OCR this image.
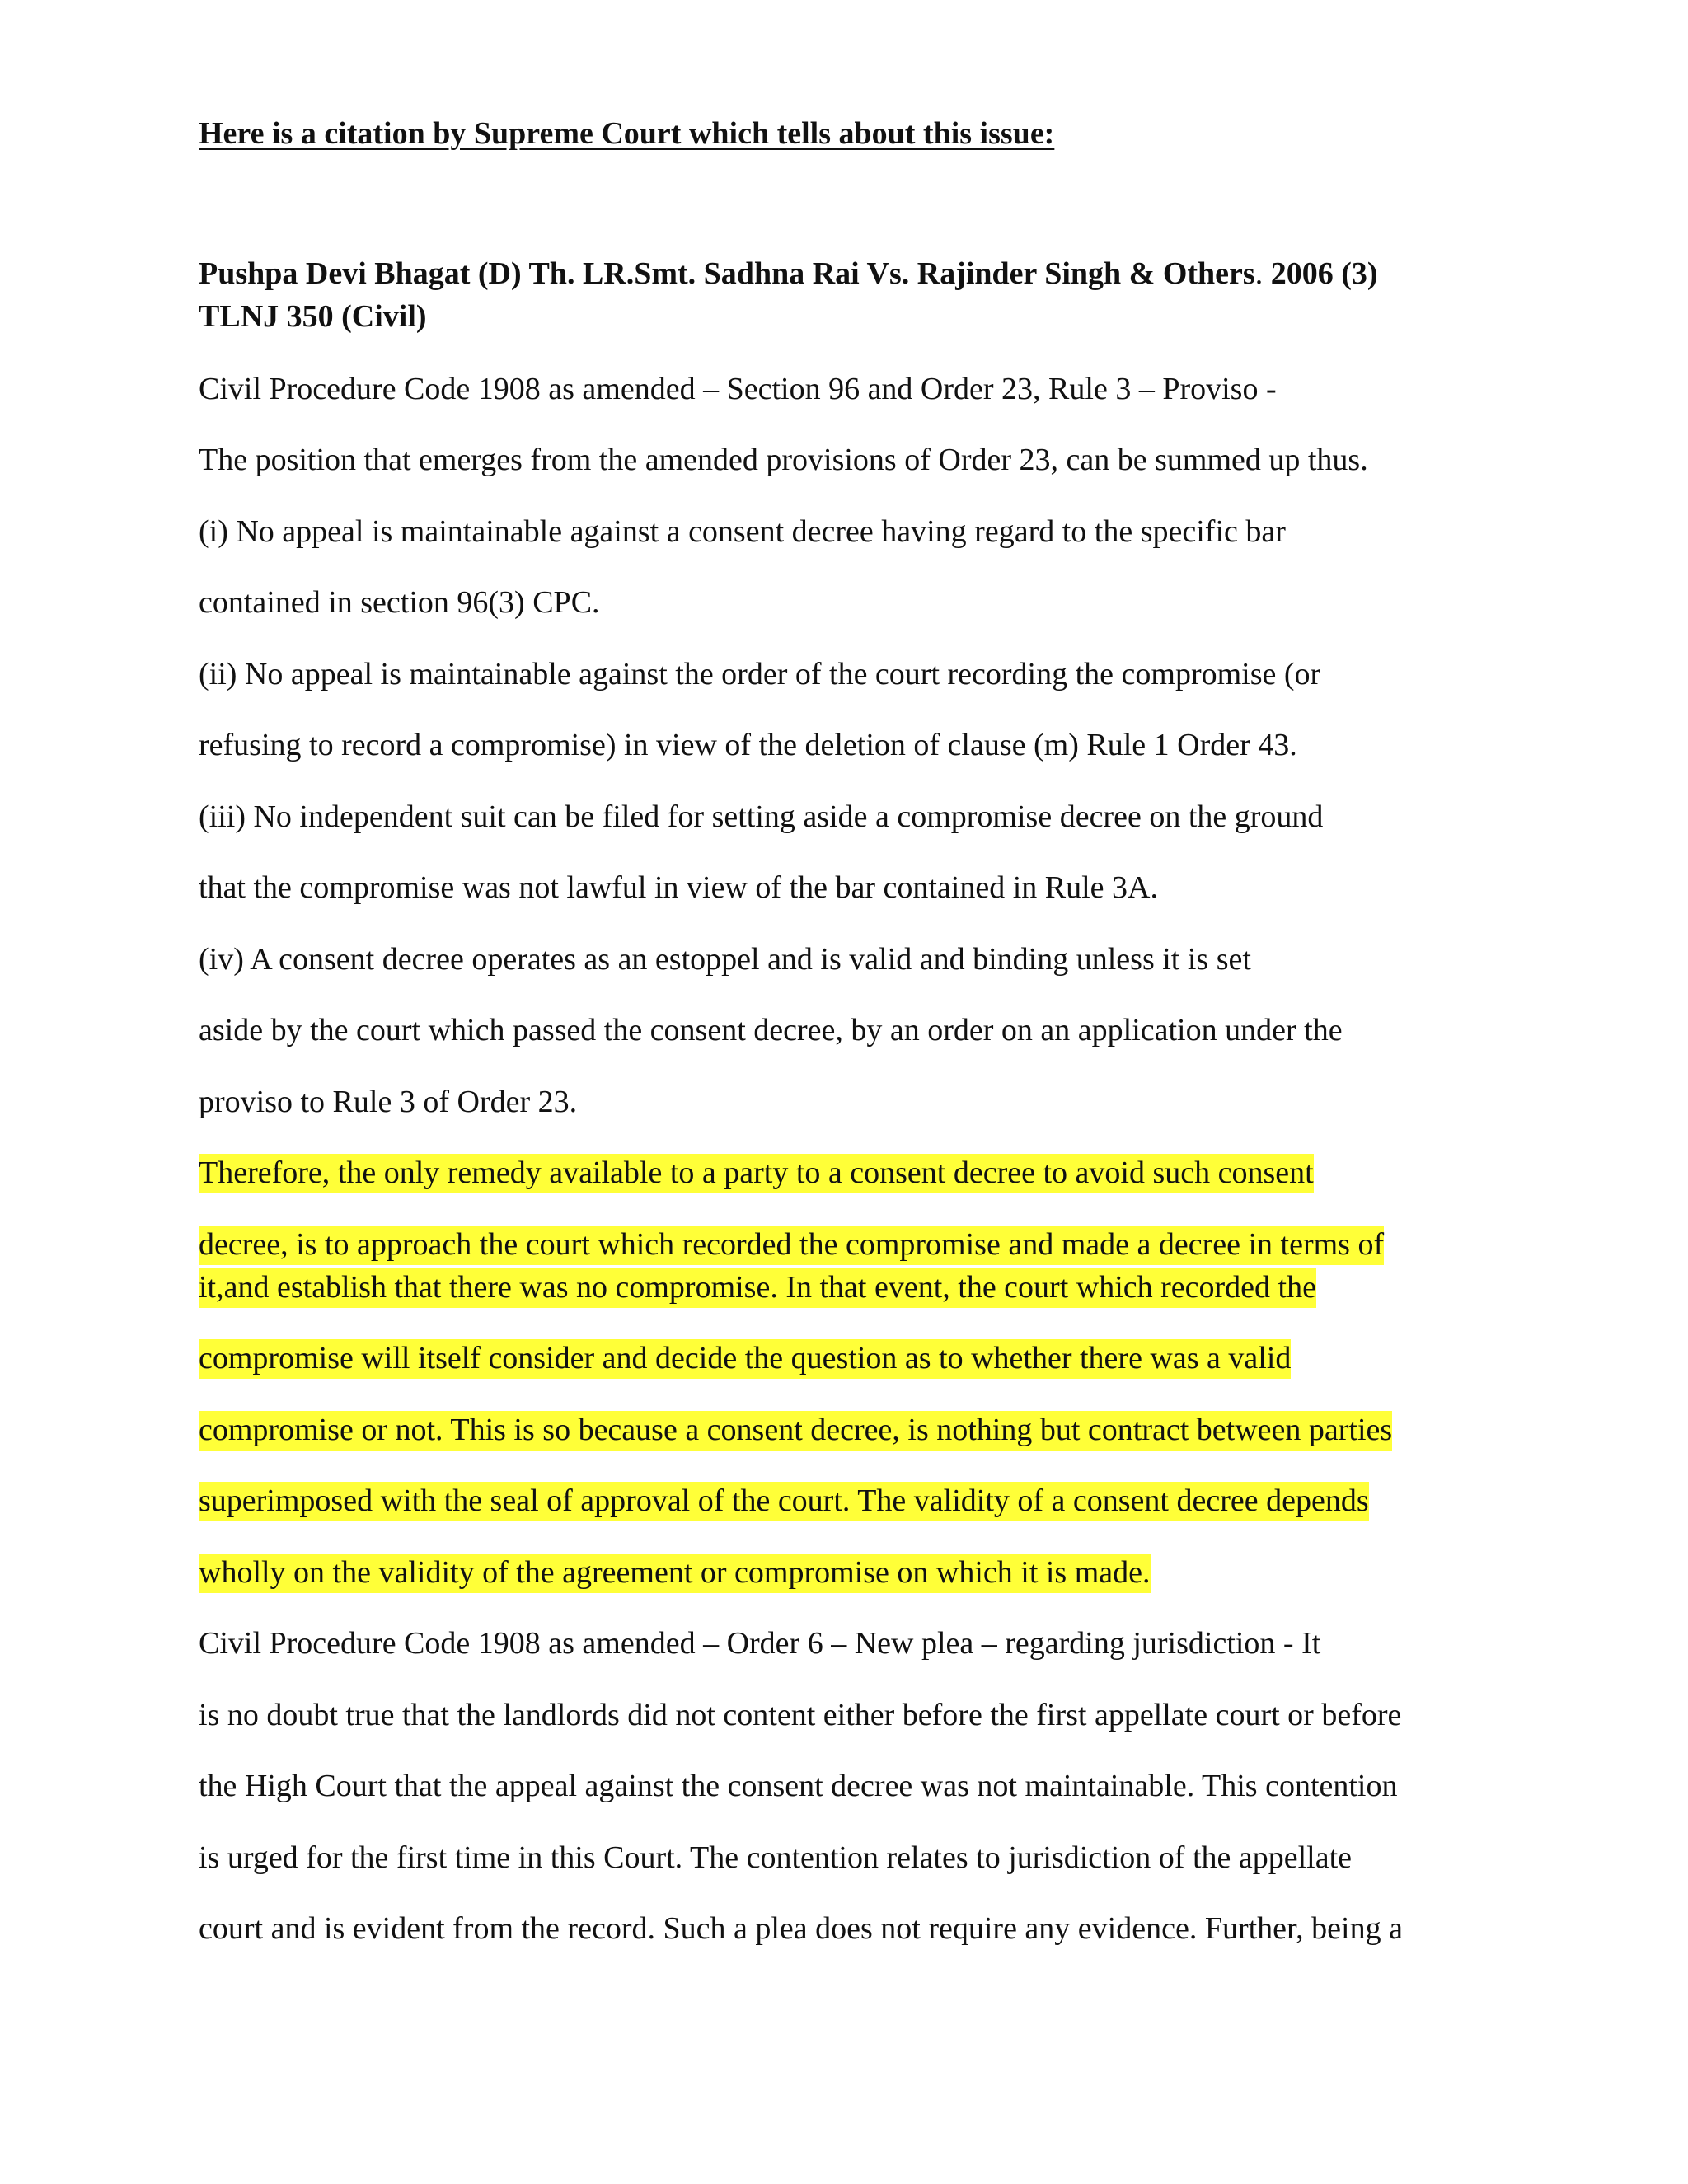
Here is a citation by Supreme Court which tells about this issue:
Pushpa Devi Bhagat (D) Th. LR.Smt. Sadhna Rai Vs. Rajinder Singh & Others. 2006 (3)
TLNJ 350 (Civil)
Civil Procedure Code 1908 as amended – Section 96 and Order 23, Rule 3 – Proviso -
The position that emerges from the amended provisions of Order 23, can be summed up thus.
(i) No appeal is maintainable against a consent decree having regard to the specific bar
contained in section 96(3) CPC.
(ii) No appeal is maintainable against the order of the court recording the compromise (or
refusing to record a compromise) in view of the deletion of clause (m) Rule 1 Order 43.
(iii) No independent suit can be filed for setting aside a compromise decree on the ground
that the compromise was not lawful in view of the bar contained in Rule 3A.
(iv) A consent decree operates as an estoppel and is valid and binding unless it is set
aside by the court which passed the consent decree, by an order on an application under the
proviso to Rule 3 of Order 23.
Therefore, the only remedy available to a party to a consent decree to avoid such consent
decree, is to approach the court which recorded the compromise and made a decree in terms of
it,and establish that there was no compromise. In that event, the court which recorded the
compromise will itself consider and decide the question as to whether there was a valid
compromise or not. This is so because a consent decree, is nothing but contract between parties
superimposed with the seal of approval of the court. The validity of a consent decree depends
wholly on the validity of the agreement or compromise on which it is made.
Civil Procedure Code 1908 as amended – Order 6 – New plea – regarding jurisdiction - It
is no doubt true that the landlords did not content either before the first appellate court or before
the High Court that the appeal against the consent decree was not maintainable. This contention
is urged for the first time in this Court. The contention relates to jurisdiction of the appellate
court and is evident from the record. Such a plea does not require any evidence. Further, being a
